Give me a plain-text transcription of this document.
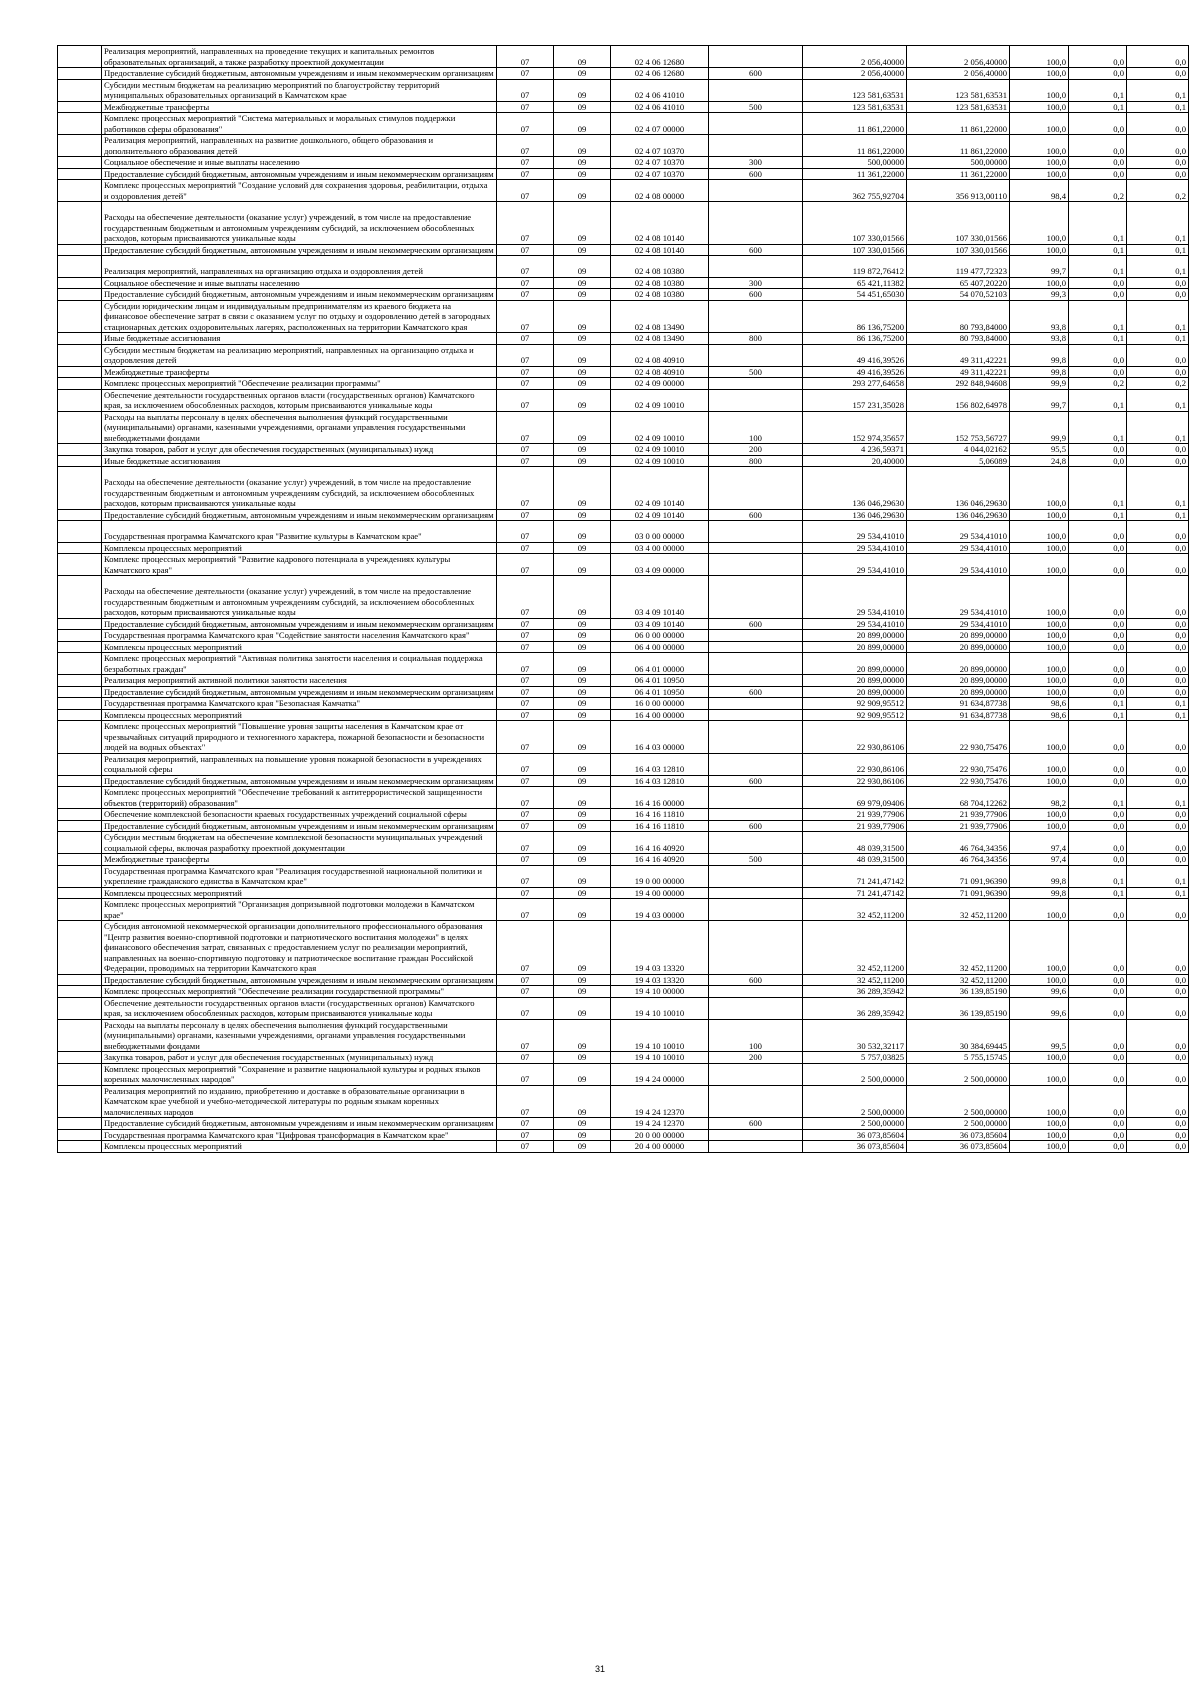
	Реализация мероприятий, направленных на проведение текущих и капитальных ремонтов образовательных организаций, а также разработку проектной документации	07	09	02 4 06 12680		2 056,40000	2 056,40000	100,0	0,0	0,0
	Предоставление субсидий бюджетным, автономным учреждениям и иным некоммерческим организациям	07	09	02 4 06 12680	600	2 056,40000	2 056,40000	100,0	0,0	0,0
	Субсидии местным бюджетам на реализацию мероприятий по благоустройству территорий муниципальных образовательных организаций в Камчатском крае	07	09	02 4 06 41010		123 581,63531	123 581,63531	100,0	0,1	0,1
	Межбюджетные трансферты	07	09	02 4 06 41010	500	123 581,63531	123 581,63531	100,0	0,1	0,1
	Комплекс процессных мероприятий "Система материальных и моральных стимулов поддержки работников сферы образования"	07	09	02 4 07 00000		11 861,22000	11 861,22000	100,0	0,0	0,0
	Реализация мероприятий, направленных на развитие дошкольного, общего образования и дополнительного образования детей	07	09	02 4 07 10370		11 861,22000	11 861,22000	100,0	0,0	0,0
	Социальное обеспечение и иные выплаты населению	07	09	02 4 07 10370	300	500,00000	500,00000	100,0	0,0	0,0
	Предоставление субсидий бюджетным, автономным учреждениям и иным некоммерческим организациям	07	09	02 4 07 10370	600	11 361,22000	11 361,22000	100,0	0,0	0,0
	Комплекс процессных мероприятий "Создание условий для сохранения здоровья, реабилитации, отдыха и оздоровления детей"	07	09	02 4 08 00000		362 755,92704	356 913,00110	98,4	0,2	0,2
	Расходы на обеспечение деятельности (оказание услуг) учреждений, в том числе на предоставление государственным бюджетным и автономным учреждениям субсидий, за исключением обособленных расходов, которым присваиваются уникальные коды	07	09	02 4 08 10140		107 330,01566	107 330,01566	100,0	0,1	0,1
	Предоставление субсидий бюджетным, автономным учреждениям и иным некоммерческим организациям	07	09	02 4 08 10140	600	107 330,01566	107 330,01566	100,0	0,1	0,1
	Реализация мероприятий, направленных на организацию отдыха и оздоровления детей	07	09	02 4 08 10380		119 872,76412	119 477,72323	99,7	0,1	0,1
	Социальное обеспечение и иные выплаты населению	07	09	02 4 08 10380	300	65 421,11382	65 407,20220	100,0	0,0	0,0
	Предоставление субсидий бюджетным, автономным учреждениям и иным некоммерческим организациям	07	09	02 4 08 10380	600	54 451,65030	54 070,52103	99,3	0,0	0,0
	Субсидии юридическим лицам и индивидуальным предпринимателям из краевого бюджета на финансовое обеспечение затрат в связи с оказанием услуг по отдыху и оздоровлению детей в загородных стационарных детских оздоровительных лагерях, расположенных на территории Камчатского края	07	09	02 4 08 13490		86 136,75200	80 793,84000	93,8	0,1	0,1
	Иные бюджетные ассигнования	07	09	02 4 08 13490	800	86 136,75200	80 793,84000	93,8	0,1	0,1
	Субсидии местным бюджетам на реализацию мероприятий, направленных на организацию отдыха и оздоровления детей	07	09	02 4 08 40910		49 416,39526	49 311,42221	99,8	0,0	0,0
	Межбюджетные трансферты	07	09	02 4 08 40910	500	49 416,39526	49 311,42221	99,8	0,0	0,0
	Комплекс процессных мероприятий "Обеспечение реализации программы"	07	09	02 4 09 00000		293 277,64658	292 848,94608	99,9	0,2	0,2
	Обеспечение деятельности государственных органов власти (государственных органов) Камчатского края, за исключением обособленных расходов, которым присваиваются уникальные коды	07	09	02 4 09 10010		157 231,35028	156 802,64978	99,7	0,1	0,1
	Расходы на выплаты персоналу в целях обеспечения выполнения функций государственными (муниципальными) органами, казенными учреждениями, органами управления государственными внебюджетными фондами	07	09	02 4 09 10010	100	152 974,35657	152 753,56727	99,9	0,1	0,1
	Закупка товаров, работ и услуг для обеспечения государственных (муниципальных) нужд	07	09	02 4 09 10010	200	4 236,59371	4 044,02162	95,5	0,0	0,0
	Иные бюджетные ассигнования	07	09	02 4 09 10010	800	20,40000	5,06089	24,8	0,0	0,0
	Расходы на обеспечение деятельности (оказание услуг) учреждений, в том числе на предоставление государственным бюджетным и автономным учреждениям субсидий, за исключением обособленных расходов, которым присваиваются уникальные коды	07	09	02 4 09 10140		136 046,29630	136 046,29630	100,0	0,1	0,1
	Предоставление субсидий бюджетным, автономным учреждениям и иным некоммерческим организациям	07	09	02 4 09 10140	600	136 046,29630	136 046,29630	100,0	0,1	0,1
	Государственная программа Камчатского края "Развитие культуры в Камчатском крае"	07	09	03 0 00 00000		29 534,41010	29 534,41010	100,0	0,0	0,0
	Комплексы процессных мероприятий	07	09	03 4 00 00000		29 534,41010	29 534,41010	100,0	0,0	0,0
	Комплекс процессных мероприятий "Развитие кадрового потенциала в учреждениях культуры Камчатского края"	07	09	03 4 09 00000		29 534,41010	29 534,41010	100,0	0,0	0,0
	Расходы на обеспечение деятельности (оказание услуг) учреждений, в том числе на предоставление государственным бюджетным и автономным учреждениям субсидий, за исключением обособленных расходов, которым присваиваются уникальные коды	07	09	03 4 09 10140		29 534,41010	29 534,41010	100,0	0,0	0,0
	Предоставление субсидий бюджетным, автономным учреждениям и иным некоммерческим организациям	07	09	03 4 09 10140	600	29 534,41010	29 534,41010	100,0	0,0	0,0
	Государственная программа Камчатского края "Содействие занятости населения Камчатского края"	07	09	06 0 00 00000		20 899,00000	20 899,00000	100,0	0,0	0,0
	Комплексы процессных мероприятий	07	09	06 4 00 00000		20 899,00000	20 899,00000	100,0	0,0	0,0
	Комплекс процессных мероприятий "Активная политика занятости населения и социальная поддержка безработных граждан"	07	09	06 4 01 00000		20 899,00000	20 899,00000	100,0	0,0	0,0
	Реализация мероприятий активной политики занятости населения	07	09	06 4 01 10950		20 899,00000	20 899,00000	100,0	0,0	0,0
	Предоставление субсидий бюджетным, автономным учреждениям и иным некоммерческим организациям	07	09	06 4 01 10950	600	20 899,00000	20 899,00000	100,0	0,0	0,0
	Государственная программа Камчатского края "Безопасная Камчатка"	07	09	16 0 00 00000		92 909,95512	91 634,87738	98,6	0,1	0,1
	Комплексы процессных мероприятий	07	09	16 4 00 00000		92 909,95512	91 634,87738	98,6	0,1	0,1
	Комплекс процессных мероприятий "Повышение уровня защиты населения в Камчатском крае от чрезвычайных ситуаций природного и техногенного характера, пожарной безопасности и безопасности людей на водных объектах"	07	09	16 4 03 00000		22 930,86106	22 930,75476	100,0	0,0	0,0
	Реализация мероприятий, направленных на повышение уровня пожарной безопасности в учреждениях социальной сферы	07	09	16 4 03 12810		22 930,86106	22 930,75476	100,0	0,0	0,0
	Предоставление субсидий бюджетным, автономным учреждениям и иным некоммерческим организациям	07	09	16 4 03 12810	600	22 930,86106	22 930,75476	100,0	0,0	0,0
	Комплекс процессных мероприятий "Обеспечение требований к антитеррористической защищенности объектов (территорий) образования"	07	09	16 4 16 00000		69 979,09406	68 704,12262	98,2	0,1	0,1
	Обеспечение комплексной безопасности краевых государственных учреждений социальной сферы	07	09	16 4 16 11810		21 939,77906	21 939,77906	100,0	0,0	0,0
	Предоставление субсидий бюджетным, автономным учреждениям и иным некоммерческим организациям	07	09	16 4 16 11810	600	21 939,77906	21 939,77906	100,0	0,0	0,0
	Субсидии местным бюджетам на обеспечение комплексной безопасности муниципальных учреждений социальной сферы, включая разработку проектной документации	07	09	16 4 16 40920		48 039,31500	46 764,34356	97,4	0,0	0,0
	Межбюджетные трансферты	07	09	16 4 16 40920	500	48 039,31500	46 764,34356	97,4	0,0	0,0
	Государственная программа Камчатского края "Реализация государственной национальной политики и укрепление гражданского единства в Камчатском крае"	07	09	19 0 00 00000		71 241,47142	71 091,96390	99,8	0,1	0,1
	Комплексы процессных мероприятий	07	09	19 4 00 00000		71 241,47142	71 091,96390	99,8	0,1	0,1
	Комплекс процессных мероприятий "Организация допризывной подготовки молодежи в Камчатском крае"	07	09	19 4 03 00000		32 452,11200	32 452,11200	100,0	0,0	0,0
	Субсидия автономной некоммерческой организации дополнительного профессионального образования "Центр развития военно-спортивной подготовки и патриотического воспитания молодежи" в целях финансового обеспечения затрат, связанных с предоставлением услуг по реализации мероприятий, направленных на военно-спортивную подготовку и патриотическое воспитание граждан Российской Федерации, проводимых на территории Камчатского края	07	09	19 4 03 13320		32 452,11200	32 452,11200	100,0	0,0	0,0
	Предоставление субсидий бюджетным, автономным учреждениям и иным некоммерческим организациям	07	09	19 4 03 13320	600	32 452,11200	32 452,11200	100,0	0,0	0,0
	Комплекс процессных мероприятий "Обеспечение реализации государственной программы"	07	09	19 4 10 00000		36 289,35942	36 139,85190	99,6	0,0	0,0
	Обеспечение деятельности государственных органов власти (государственных органов) Камчатского края, за исключением обособленных расходов, которым присваиваются уникальные коды	07	09	19 4 10 10010		36 289,35942	36 139,85190	99,6	0,0	0,0
	Расходы на выплаты персоналу в целях обеспечения выполнения функций государственными (муниципальными) органами, казенными учреждениями, органами управления государственными внебюджетными фондами	07	09	19 4 10 10010	100	30 532,32117	30 384,69445	99,5	0,0	0,0
	Закупка товаров, работ и услуг для обеспечения государственных (муниципальных) нужд	07	09	19 4 10 10010	200	5 757,03825	5 755,15745	100,0	0,0	0,0
	Комплекс процессных мероприятий "Сохранение и развитие национальной культуры и родных языков коренных малочисленных народов"	07	09	19 4 24 00000		2 500,00000	2 500,00000	100,0	0,0	0,0
	Реализация мероприятий по изданию, приобретению и доставке в образовательные организации в Камчатском крае учебной и учебно-методической литературы по родным языкам коренных малочисленных народов	07	09	19 4 24 12370		2 500,00000	2 500,00000	100,0	0,0	0,0
	Предоставление субсидий бюджетным, автономным учреждениям и иным некоммерческим организациям	07	09	19 4 24 12370	600	2 500,00000	2 500,00000	100,0	0,0	0,0
	Государственная программа Камчатского края "Цифровая трансформация в Камчатском крае"	07	09	20 0 00 00000		36 073,85604	36 073,85604	100,0	0,0	0,0
	Комплексы процессных мероприятий	07	09	20 4 00 00000		36 073,85604	36 073,85604	100,0	0,0	0,0
31
